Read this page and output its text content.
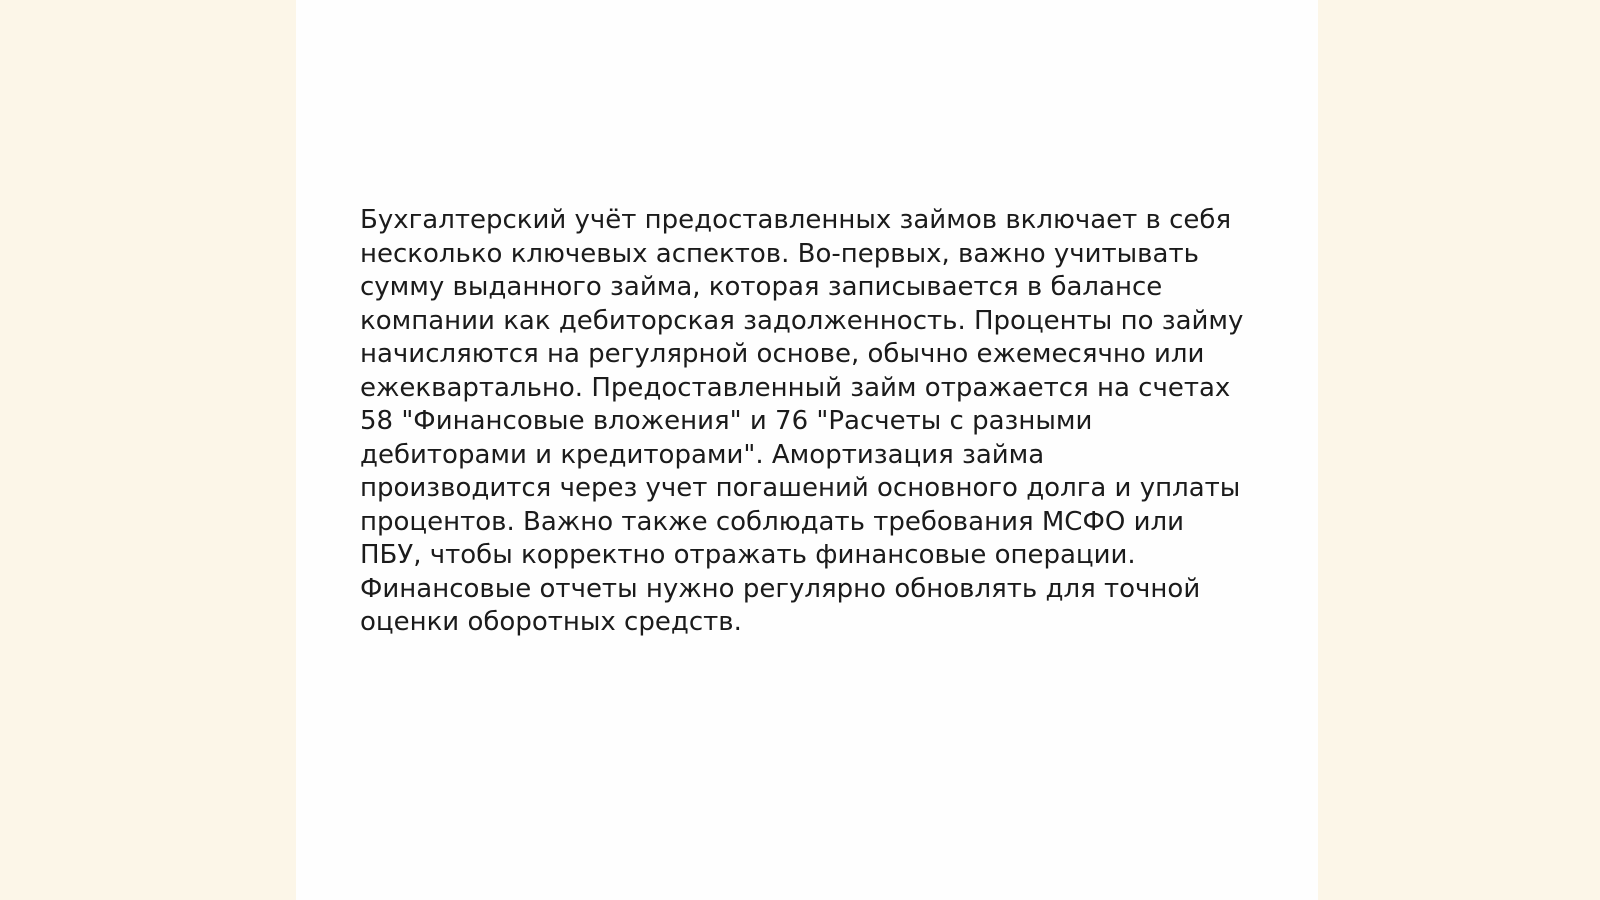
Бухгалтерский учёт предоставленных займов включает в себя
несколько ключевых аспектов. Во-первых, важно учитывать
сумму выданного займа, которая записывается в балансе
компании как дебиторская задолженность. Проценты по займу
начисляются на регулярной основе, обычно ежемесячно или
ежеквартально. Предоставленный займ отражается на счетах
58 "Финансовые вложения" и 76 "Расчеты с разными
дебиторами и кредиторами". Амортизация займа
производится через учет погашений основного долга и уплаты
процентов. Важно также соблюдать требования МСФО или
ПБУ, чтобы корректно отражать финансовые операции.
Финансовые отчеты нужно регулярно обновлять для точной
оценки оборотных средств.
